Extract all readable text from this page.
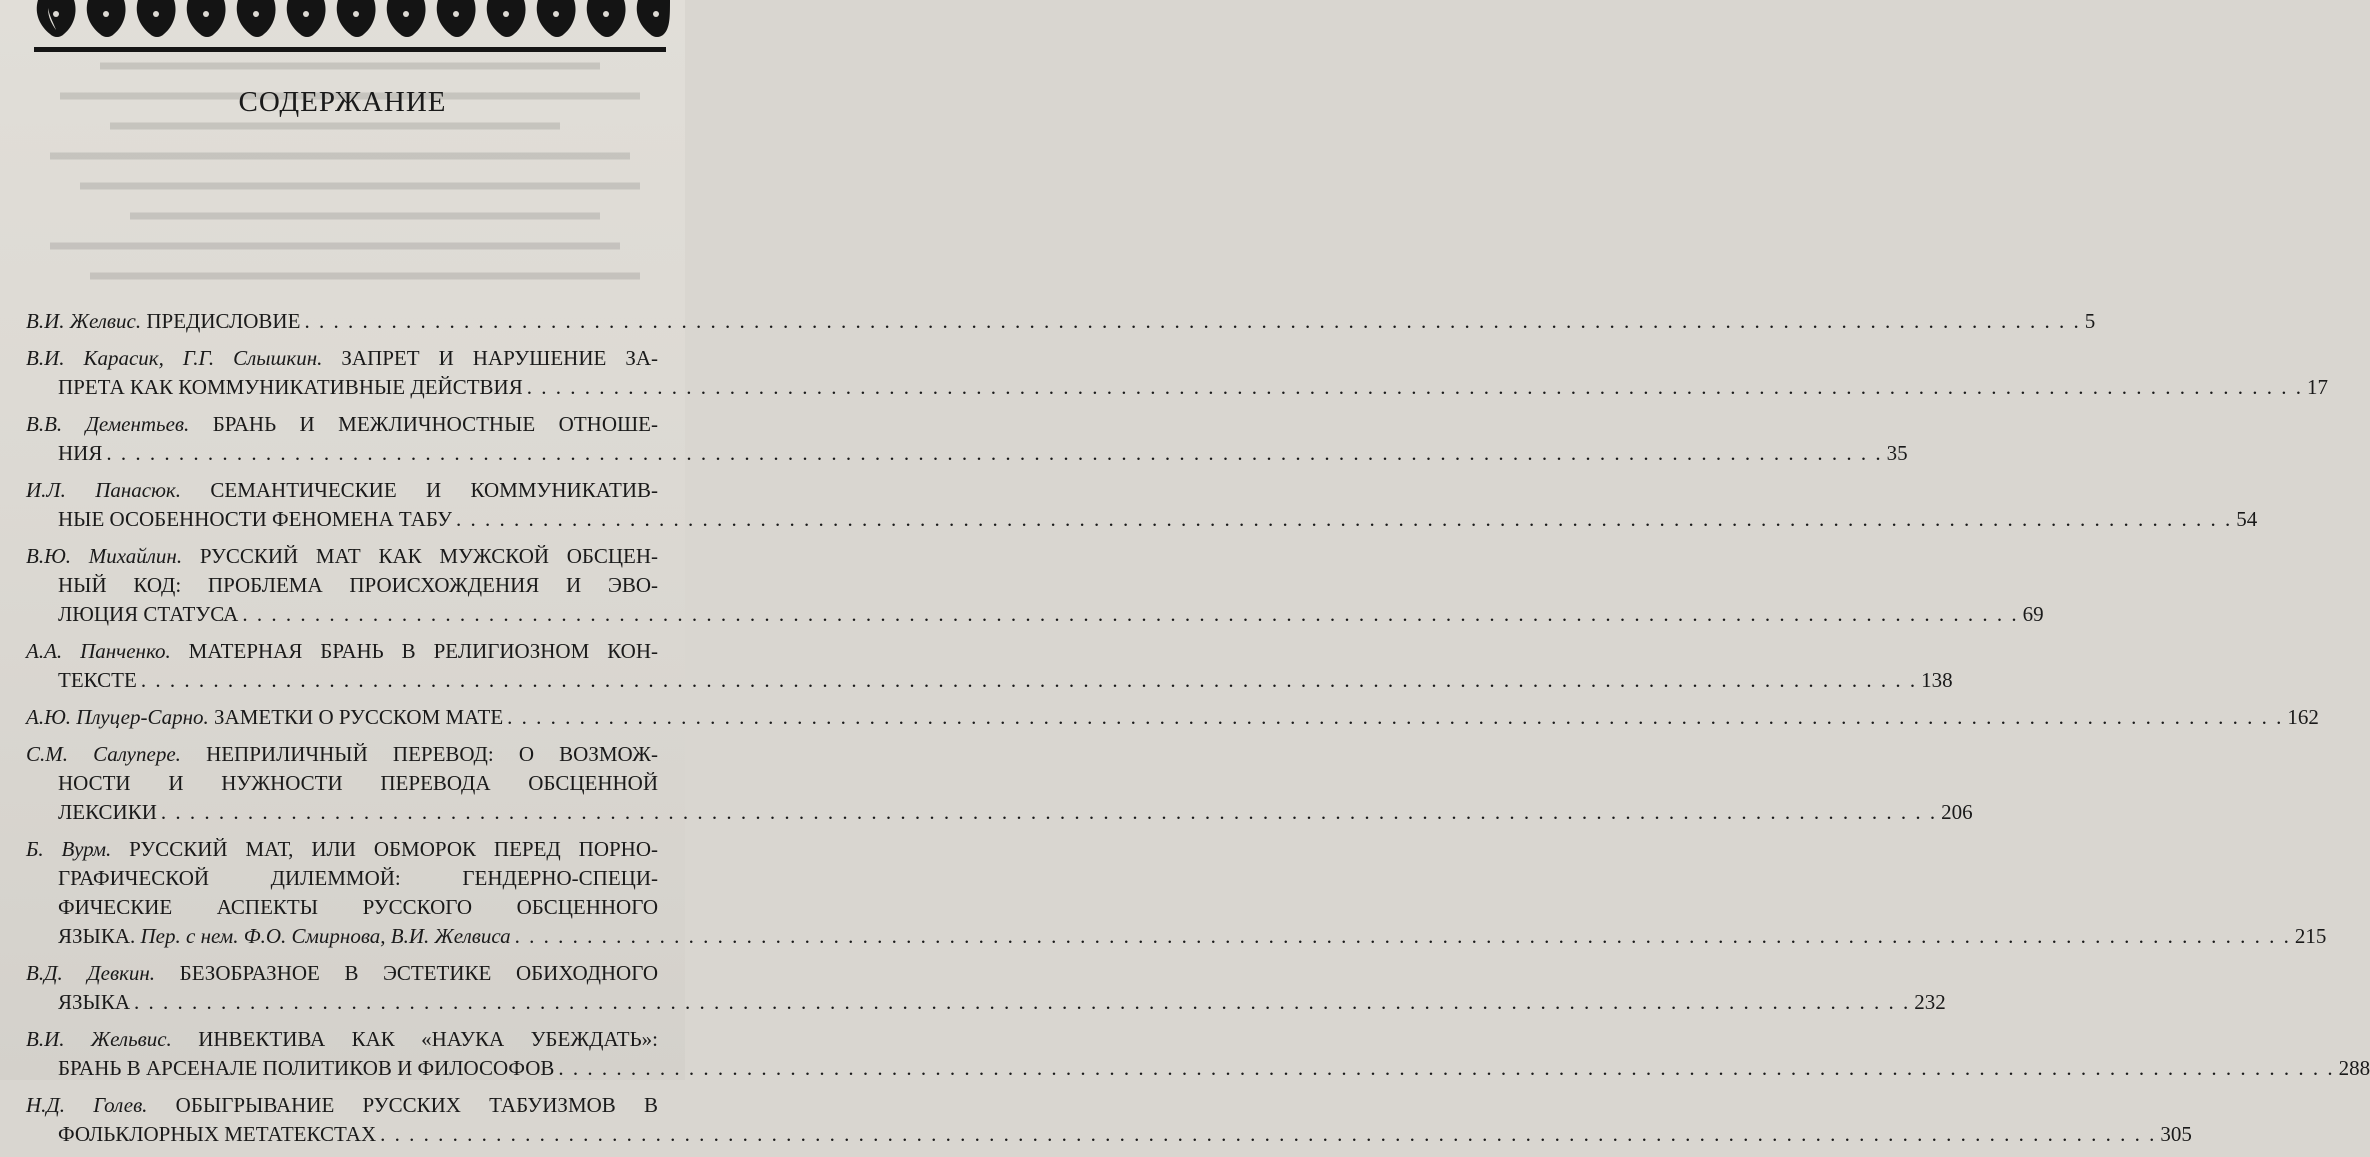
СОДЕРЖАНИЕ
В.И. Желвис. ПРЕДИСЛОВИЕ . . .	5
В.И. Карасик, Г.Г. Слышкин. ЗАПРЕТ И НАРУШЕНИЕ ЗА-
ПРЕТА КАК КОММУНИКАТИВНЫЕ ДЕЙСТВИЯ . . .	17
В.В. Дементьев. БРАНЬ И МЕЖЛИЧНОСТНЫЕ ОТНОШЕ-
НИЯ . . .	35
И.Л. Панасюк. СЕМАНТИЧЕСКИЕ И КОММУНИКАТИВ-
НЫЕ ОСОБЕННОСТИ ФЕНОМЕНА ТАБУ . . .	54
В.Ю. Михайлин. РУССКИЙ МАТ КАК МУЖСКОЙ ОБСЦЕН-
НЫЙ КОД: ПРОБЛЕМА ПРОИСХОЖДЕНИЯ И ЭВО-
ЛЮЦИЯ СТАТУСА . . .	69
А.А. Панченко. МАТЕРНАЯ БРАНЬ В РЕЛИГИОЗНОМ КОН-
ТЕКСТЕ . . .	138
А.Ю. Плуцер-Сарно. ЗАМЕТКИ О РУССКОМ МАТЕ . . .	162
С.М. Салупере. НЕПРИЛИЧНЫЙ ПЕРЕВОД: О ВОЗМОЖ-
НОСТИ И НУЖНОСТИ ПЕРЕВОДА ОБСЦЕННОЙ
ЛЕКСИКИ . . .	206
Б. Вурм. РУССКИЙ МАТ, ИЛИ ОБМОРОК ПЕРЕД ПОРНО-
ГРАФИЧЕСКОЙ ДИЛЕММОЙ: ГЕНДЕРНО-СПЕЦИ-
ФИЧЕСКИЕ АСПЕКТЫ РУССКОГО ОБСЦЕННОГО
ЯЗЫКА. Пер. с нем. Ф.О. Смирнова, В.И. Желвиса . . .	215
В.Д. Девкин. БЕЗОБРАЗНОЕ В ЭСТЕТИКЕ ОБИХОДНОГО
ЯЗЫКА . . .	232
В.И. Жельвис. ИНВЕКТИВА КАК «НАУКА УБЕЖДАТЬ»:
БРАНЬ В АРСЕНАЛЕ ПОЛИТИКОВ И ФИЛОСОФОВ . . .	288
Н.Д. Голев. ОБЫГРЫВАНИЕ РУССКИХ ТАБУИЗМОВ В
ФОЛЬКЛОРНЫХ МЕТАТЕКСТАХ . . .	305
